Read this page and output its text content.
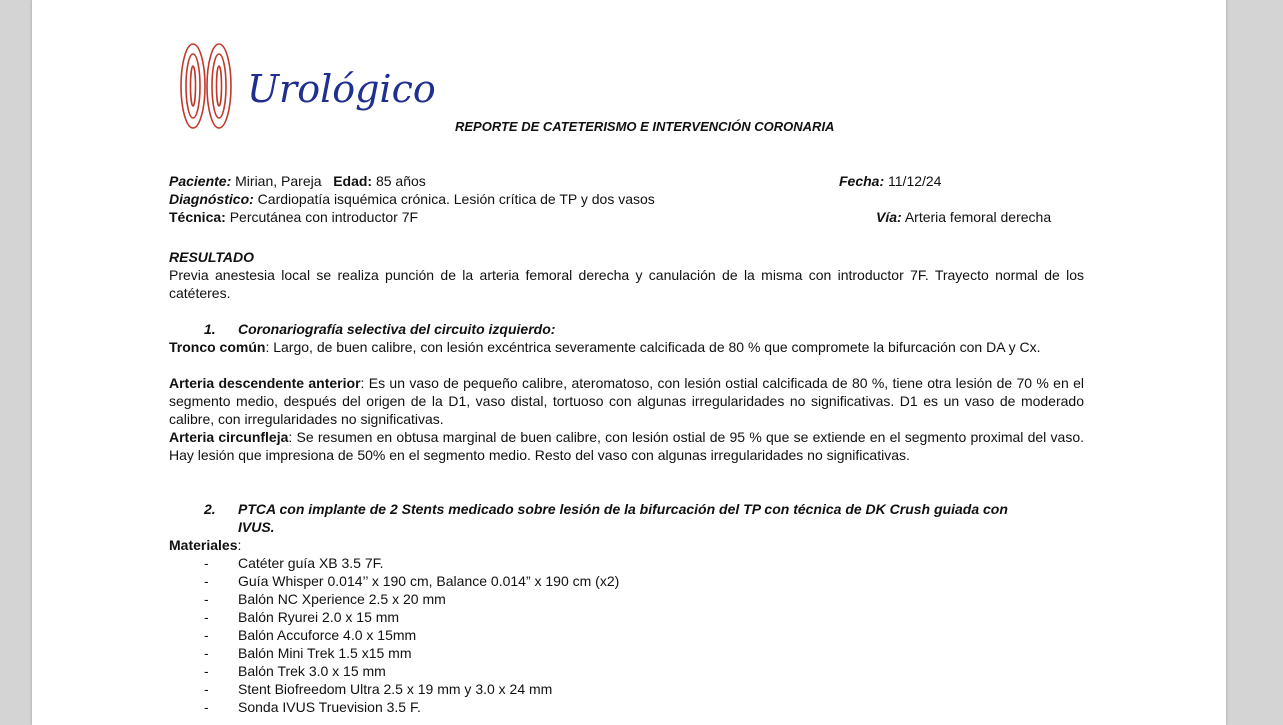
Urológico
REPORTE DE CATETERISMO E INTERVENCIÓN CORONARIA
Paciente: Mirian, Pareja Edad: 85 años	Fecha: 11/12/24
Diagnóstico: Cardiopatía isquémica crónica. Lesión crítica de TP y dos vasos
Técnica: Percutánea con introductor 7F	Vía: Arteria femoral derecha
RESULTADO
Previa anestesia local se realiza punción de la arteria femoral derecha y canulación de la misma con introductor 7F. Trayecto normal de los catéteres.
1. Coronariografía selectiva del circuito izquierdo:
Tronco común: Largo, de buen calibre, con lesión excéntrica severamente calcificada de 80 % que compromete la bifurcación con DA y Cx.
Arteria descendente anterior: Es un vaso de pequeño calibre, ateromatoso, con lesión ostial calcificada de 80 %, tiene otra lesión de 70 % en el segmento medio, después del origen de la D1, vaso distal, tortuoso con algunas irregularidades no significativas. D1 es un vaso de moderado calibre, con irregularidades no significativas.
Arteria circunfleja: Se resumen en obtusa marginal de buen calibre, con lesión ostial de 95 % que se extiende en el segmento proximal del vaso. Hay lesión que impresiona de 50% en el segmento medio. Resto del vaso con algunas irregularidades no significativas.
2. PTCA con implante de 2 Stents medicado sobre lesión de la bifurcación del TP con técnica de DK Crush guiada con
IVUS.
Materiales:
- Catéter guía XB 3.5 7F.
- Guía Whisper 0.014’’ x 190 cm, Balance 0.014” x 190 cm (x2)
- Balón NC Xperience 2.5 x 20 mm
- Balón Ryurei 2.0 x 15 mm
- Balón Accuforce 4.0 x 15mm
- Balón Mini Trek 1.5 x15 mm
- Balón Trek 3.0 x 15 mm
- Stent Biofreedom Ultra 2.5 x 19 mm y 3.0 x 24 mm
- Sonda IVUS Truevision 3.5 F.
